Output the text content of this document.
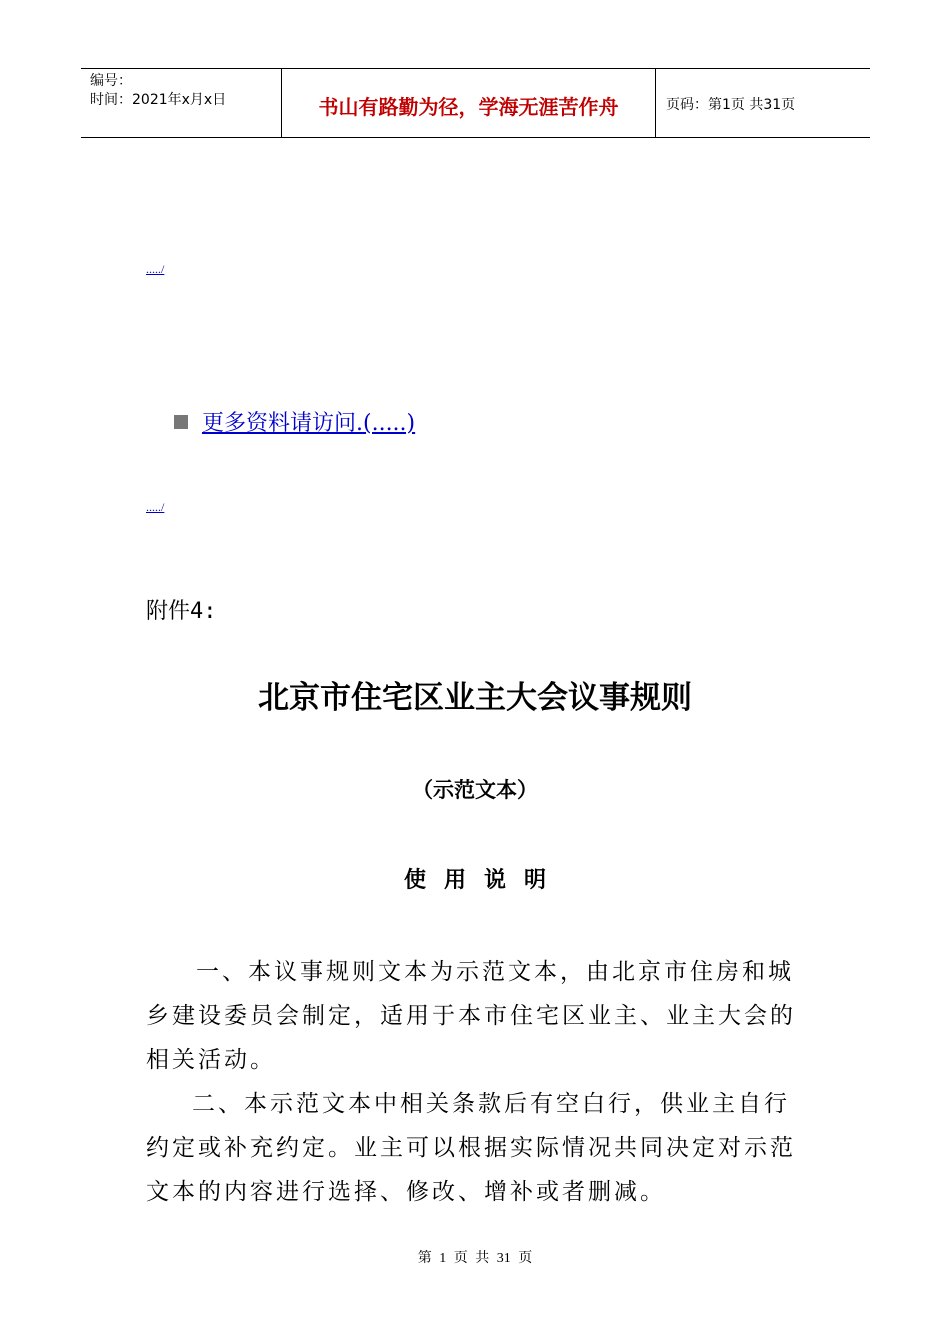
编号：
时间：2021年x月x日	书山有路勤为径，学海无涯苦作舟	页码：第1页 共31页
...../
更多资料请访问.(.....)
...../
附件4:
北京市住宅区业主大会议事规则
（示范文本）
使用说明

一、本议事规则文本为示范文本，由北京市住房和城乡建设委员会制定，适用于本市住宅区业主、业主大会的相关活动。

二、本示范文本中相关条款后有空白行，供业主自行约定或补充约定。业主可以根据实际情况共同决定对示范文本的内容进行选择、修改、增补或者删减。

第 1 页 共 31 页
